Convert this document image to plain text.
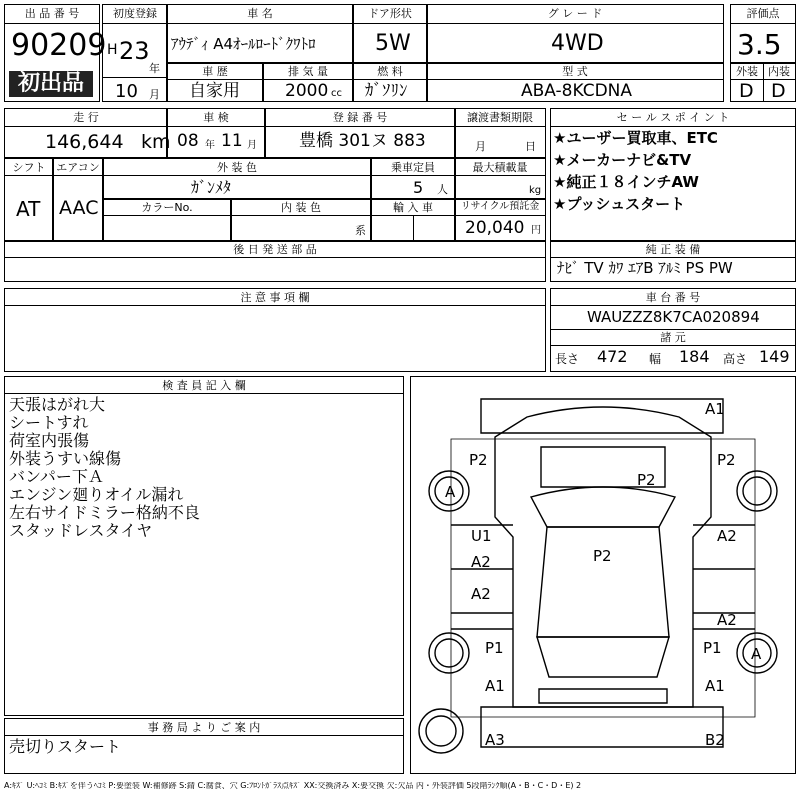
出 品 番 号
90209
初出品
初度登録
H 23
年
10 月
車 名
ｱｳﾃﾞｨ A4ｵｰﾙﾛｰﾄﾞｸﾜﾄﾛ
ドア形状
5W
グ レ ー ド
4WD
評価点
3.5
車 歴
自家用
排 気 量
2000 cc
燃 料
ｶﾞｿﾘﾝ
型 式
ABA-8KCDNA
外装 内装
D D
走 行
146,644 km
車 検
08 年 11 月
登 録 番 号
豊橋 301ヌ 883
譲渡書類期限
月	日
シフト
AT
エアコン
AAC
外 装 色
ｶﾞﾝﾒﾀ
乗車定員
5 人
最大積載量
kg
カラーNo.	内 装 色
系
輸 入 車	リサイクル預託金
20,040 円
後 日 発 送 部 品
セ ー ル ス ポ イ ン ト
★ユーザー買取車、ETC
★メーカーナビ&TV
★純正１８インチAW
★プッシュスタート
純 正 装 備
ﾅﾋﾞ TV ｶﾜ ｴｱB ｱﾙﾐ PS PW
注 意 事 項 欄	車 台 番 号
WAUZZZ8K7CA020894
諸 元
長さ 472 幅 184 高さ 149
検 査 員 記 入 欄
天張はがれ大
シートすれ
荷室内張傷
外装うすい線傷
バンパー下Ａ
エンジン廻りオイル漏れ
左右サイドミラー格納不良
スタッドレスタイヤ
事 務 局 よ り ご 案 内
売切りスタート
A1
P2	P2
P2
A
U1
A2
A2
P2
A2
A2
P1	P1 A
A1	A1
A3	B2
A:ｷｽﾞ U:ﾍｺﾐ B:ｷｽﾞを伴うﾍｺﾐ P:要塗装 W:補修跡 S:錆 C:腐食、穴 G:ﾌﾛﾝﾄｶﾞﾗｽ点ｷｽﾞ XX:交換済み X:要交換 欠:欠品 内・外装評価 5段階ﾗﾝｸ順(A・B・C・D・E) 2
